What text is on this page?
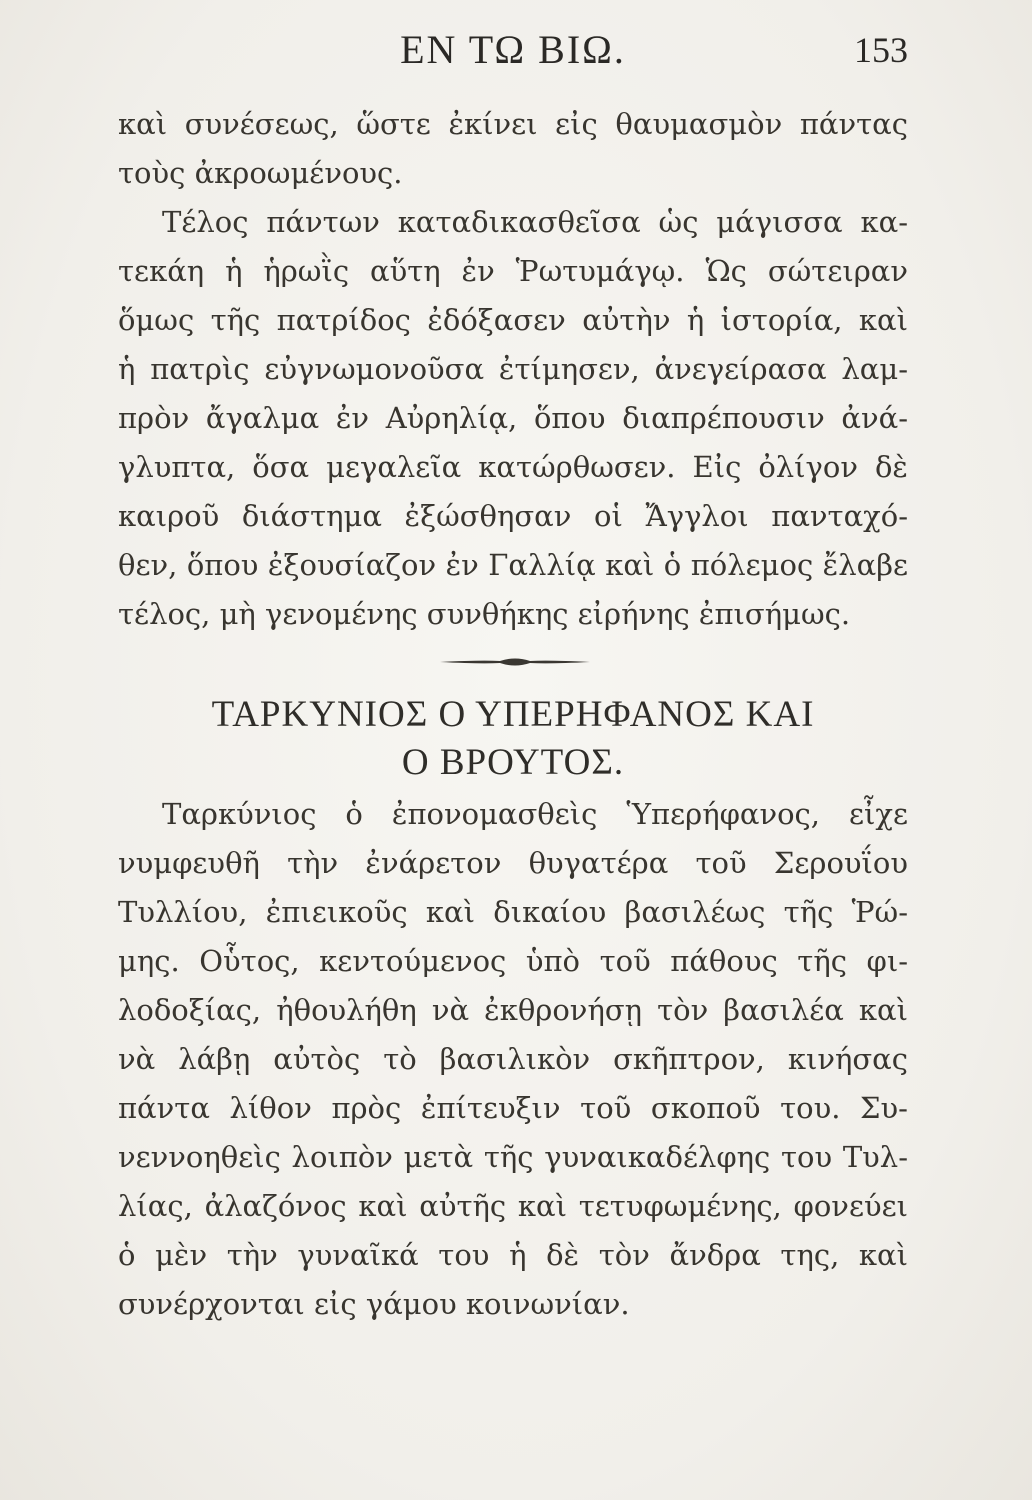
ΕΝ ΤΩ ΒΙΩ.	153
καὶ συνέσεως, ὥστε ἐκίνει εἰς θαυμασμὸν πάντας
τοὺς ἀκροωμένους.
Τέλος πάντων καταδικασθεῖσα ὡς μάγισσα κα-
τεκάη ἡ ἡρωῒς αὕτη ἐν Ῥωτυμάγῳ. Ὡς σώτειραν
ὅμως τῆς πατρίδος ἐδόξασεν αὐτὴν ἡ ἱστορία, καὶ
ἡ πατρὶς εὐγνωμονοῦσα ἐτίμησεν, ἀνεγείρασα λαμ-
πρὸν ἄγαλμα ἐν Αὐρηλίᾳ, ὅπου διαπρέπουσιν ἀνά-
γλυπτα, ὅσα μεγαλεῖα κατώρθωσεν. Εἰς ὀλίγον δὲ
καιροῦ διάστημα ἐξώσθησαν οἱ Ἄγγλοι πανταχό-
θεν, ὅπου ἐξουσίαζον ἐν Γαλλίᾳ καὶ ὁ πόλεμος ἔλαβε
τέλος, μὴ γενομένης συνθήκης εἰρήνης ἐπισήμως.
ΤΑΡΚΥΝΙΟΣ Ο ΥΠΕΡΗΦΑΝΟΣ ΚΑΙ
Ο ΒΡΟΥΤΟΣ.
Ταρκύνιος ὁ ἐπονομασθεὶς Ὑπερήφανος, εἶχε
νυμφευθῆ τὴν ἐνάρετον θυγατέρα τοῦ Σερουΐου
Τυλλίου, ἐπιεικοῦς καὶ δικαίου βασιλέως τῆς Ῥώ-
μης. Οὗτος, κεντούμενος ὑπὸ τοῦ πάθους τῆς φι-
λοδοξίας, ἠθουλήθη νὰ ἐκθρονήσῃ τὸν βασιλέα καὶ
νὰ λάβῃ αὐτὸς τὸ βασιλικὸν σκῆπτρον, κινήσας
πάντα λίθον πρὸς ἐπίτευξιν τοῦ σκοποῦ του. Συ-
νεννοηθεὶς λοιπὸν μετὰ τῆς γυναικαδέλφης του Τυλ-
λίας, ἀλαζόνος καὶ αὐτῆς καὶ τετυφωμένης, φονεύει
ὁ μὲν τὴν γυναῖκά του ἡ δὲ τὸν ἄνδρα της, καὶ
συνέρχονται εἰς γάμου κοινωνίαν.
